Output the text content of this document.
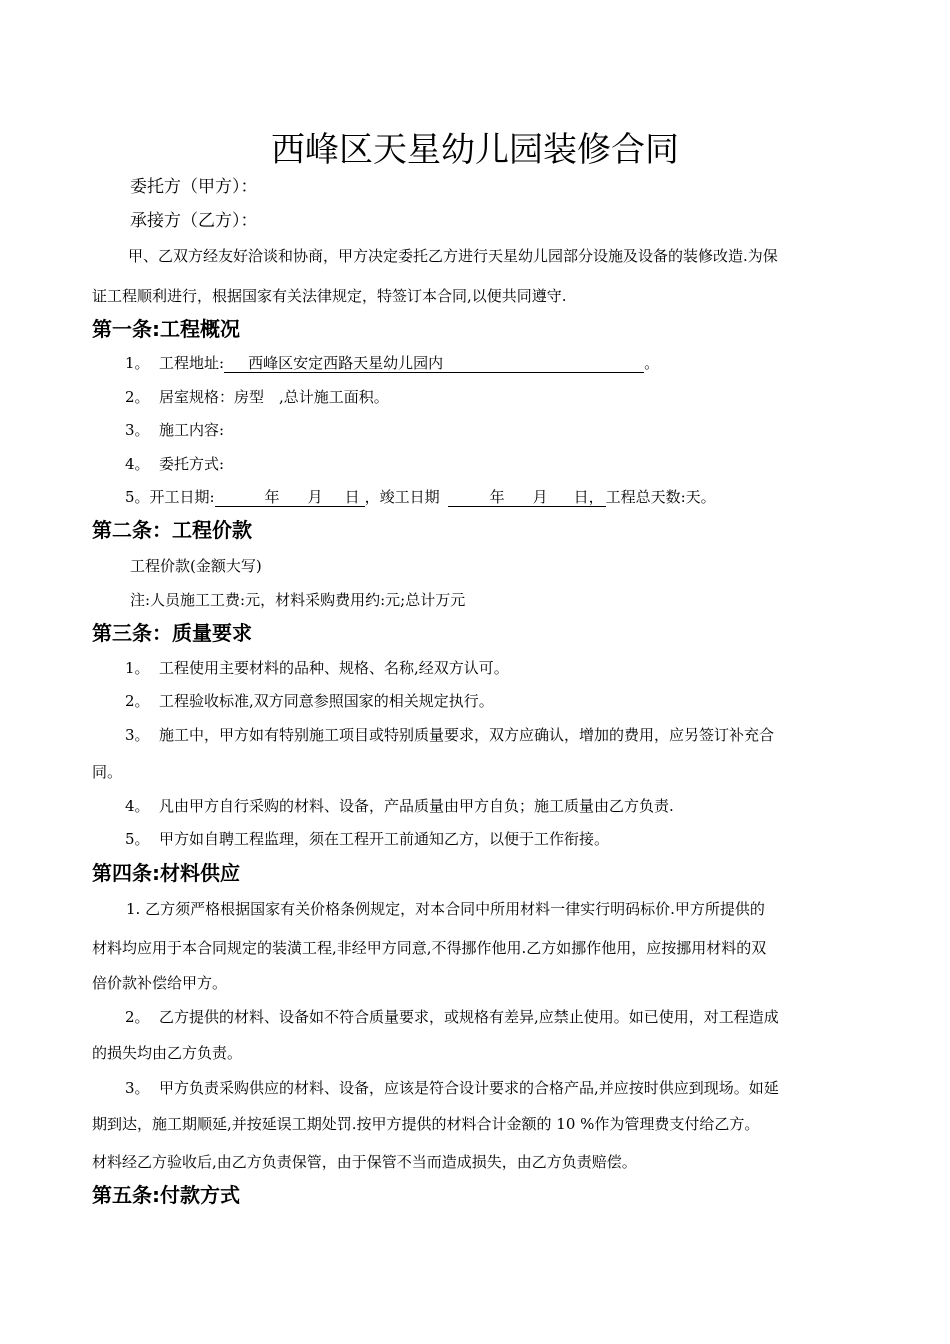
西峰区天星幼儿园装修合同
委托方（甲方）：
承接方（乙方）：
甲、乙双方经友好洽谈和协商，甲方决定委托乙方进行天星幼儿园部分设施及设备的装修改造.为保
证工程顺利进行，根据国家有关法律规定，特签订本合同,以便共同遵守.
第一条:工程概况
1。 工程地址: 西峰区安定西路天星幼儿园内	。
2。 居室规格：房型　,总计施工面积。
3。 施工内容:
4。 委托方式:
5。开工日期:	年 月 日 ，竣工日期	年 月 日， 工程总天数:天。
第二条：工程价款
工程价款(金额大写)
注:人员施工工费:元，材料采购费用约:元;总计万元
第三条：质量要求
1。 工程使用主要材料的品种、规格、名称,经双方认可。
2。 工程验收标准,双方同意参照国家的相关规定执行。
3。 施工中，甲方如有特别施工项目或特别质量要求，双方应确认，增加的费用，应另签订补充合
同。
4。 凡由甲方自行采购的材料、设备，产品质量由甲方自负；施工质量由乙方负责.
5。 甲方如自聘工程监理，须在工程开工前通知乙方，以便于工作衔接。
第四条:材料供应
1. 乙方须严格根据国家有关价格条例规定，对本合同中所用材料一律实行明码标价.甲方所提供的
材料均应用于本合同规定的装潢工程,非经甲方同意,不得挪作他用.乙方如挪作他用，应按挪用材料的双
倍价款补偿给甲方。
2。 乙方提供的材料、设备如不符合质量要求，或规格有差异,应禁止使用。如已使用，对工程造成
的损失均由乙方负责。
3。 甲方负责采购供应的材料、设备，应该是符合设计要求的合格产品,并应按时供应到现场。如延
期到达，施工期顺延,并按延误工期处罚.按甲方提供的材料合计金额的 10 %作为管理费支付给乙方。
材料经乙方验收后,由乙方负责保管，由于保管不当而造成损失，由乙方负责赔偿。
第五条:付款方式
